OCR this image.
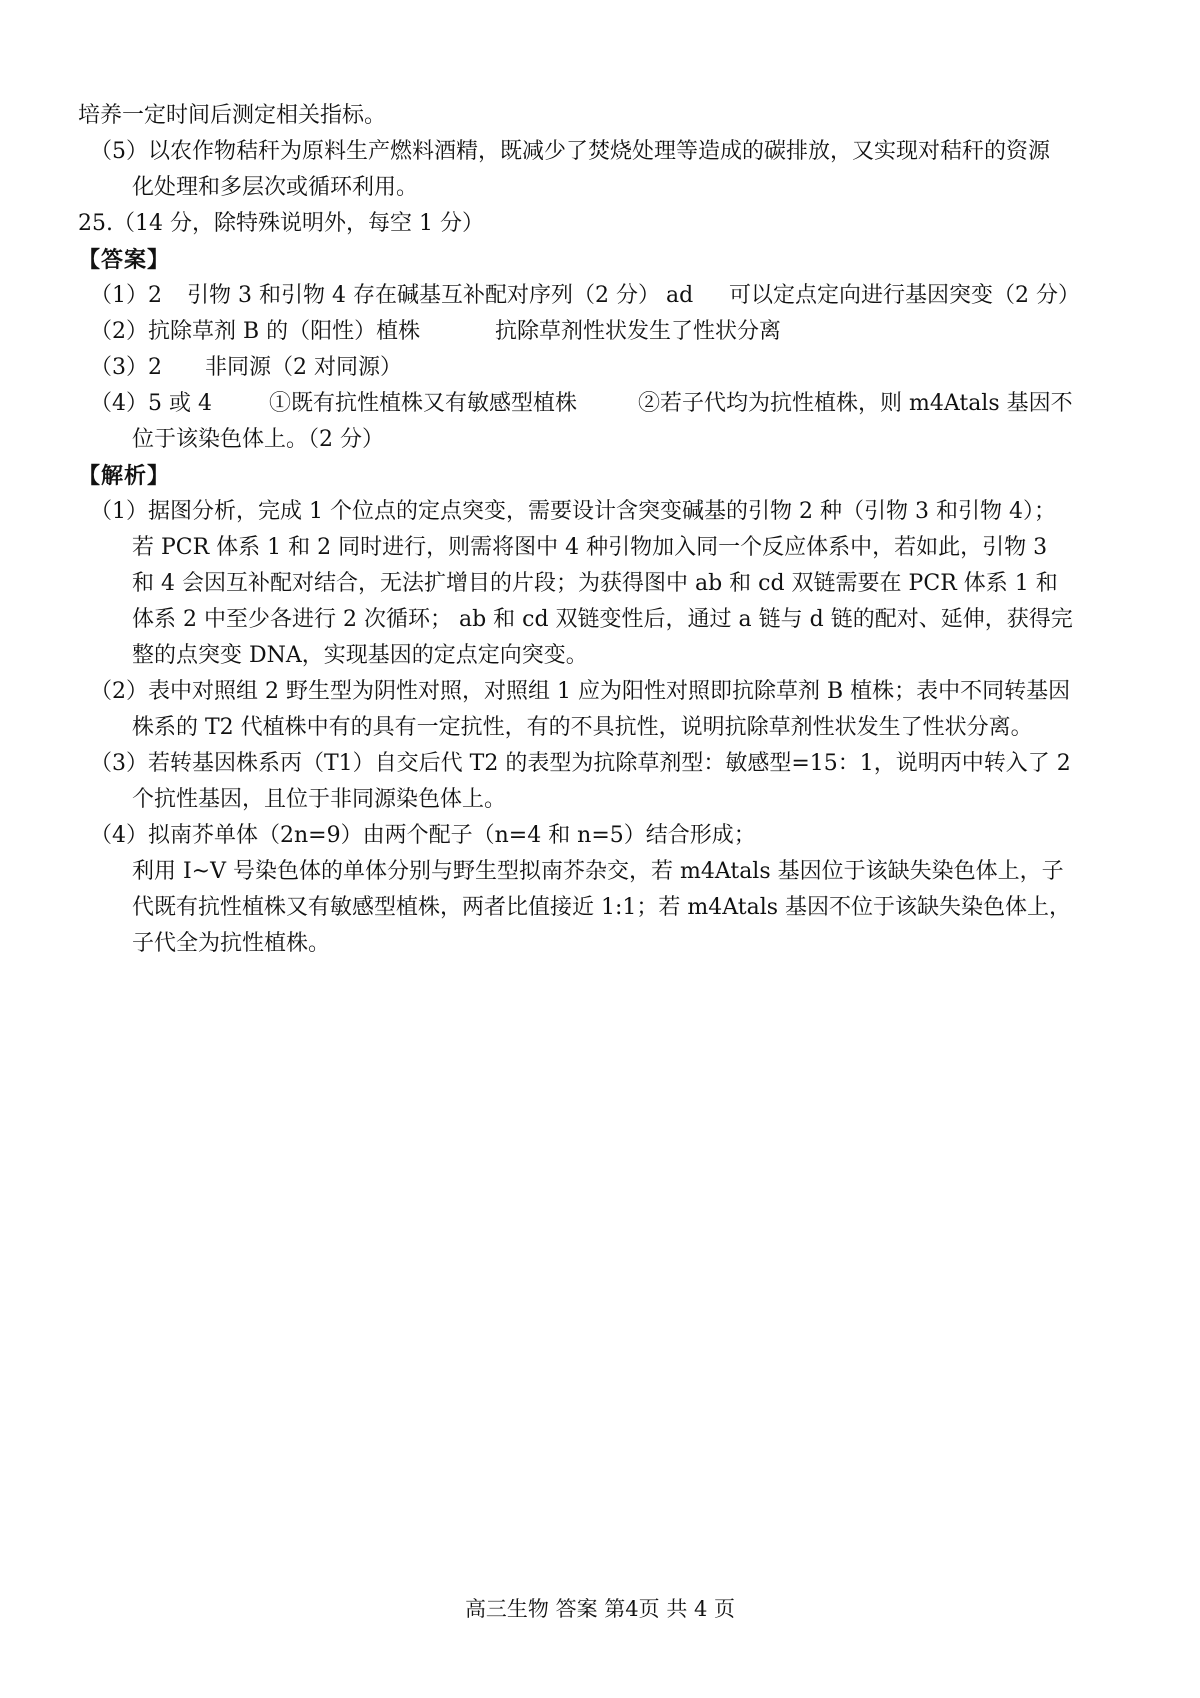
培养一定时间后测定相关指标。
（5）以农作物秸秆为原料生产燃料酒精，既减少了焚烧处理等造成的碳排放，又实现对秸秆的资源
化处理和多层次或循环利用。
25.（14 分，除特殊说明外，每空 1 分）
【答案】
（1）2 引物 3 和引物 4 存在碱基互补配对序列（2 分） ad 可以定点定向进行基因突变（2 分）
（2）抗除草剂 B 的（阳性）植株	抗除草剂性状发生了性状分离
（3）2 非同源（2 对同源）
（4）5 或 4	①既有抗性植株又有敏感型植株	②若子代均为抗性植株，则 m4Atals 基因不
位于该染色体上。（2 分）
【解析】
（1）据图分析，完成 1 个位点的定点突变，需要设计含突变碱基的引物 2 种（引物 3 和引物 4）；
若 PCR 体系 1 和 2 同时进行，则需将图中 4 种引物加入同一个反应体系中，若如此，引物 3
和 4 会因互补配对结合，无法扩增目的片段；为获得图中 ab 和 cd 双链需要在 PCR 体系 1 和
体系 2 中至少各进行 2 次循环； ab 和 cd 双链变性后，通过 a 链与 d 链的配对、延伸，获得完
整的点突变 DNA，实现基因的定点定向突变。
（2）表中对照组 2 野生型为阴性对照，对照组 1 应为阳性对照即抗除草剂 B 植株；表中不同转基因
株系的 T2 代植株中有的具有一定抗性，有的不具抗性，说明抗除草剂性状发生了性状分离。
（3）若转基因株系丙（T1）自交后代 T2 的表型为抗除草剂型：敏感型=15：1，说明丙中转入了 2
个抗性基因，且位于非同源染色体上。
（4）拟南芥单体（2n=9）由两个配子（n=4 和 n=5）结合形成；
利用 I~V 号染色体的单体分别与野生型拟南芥杂交，若 m4Atals 基因位于该缺失染色体上，子
代既有抗性植株又有敏感型植株，两者比值接近 1:1；若 m4Atals 基因不位于该缺失染色体上，
子代全为抗性植株。
高三生物 答案 第4页 共 4 页
